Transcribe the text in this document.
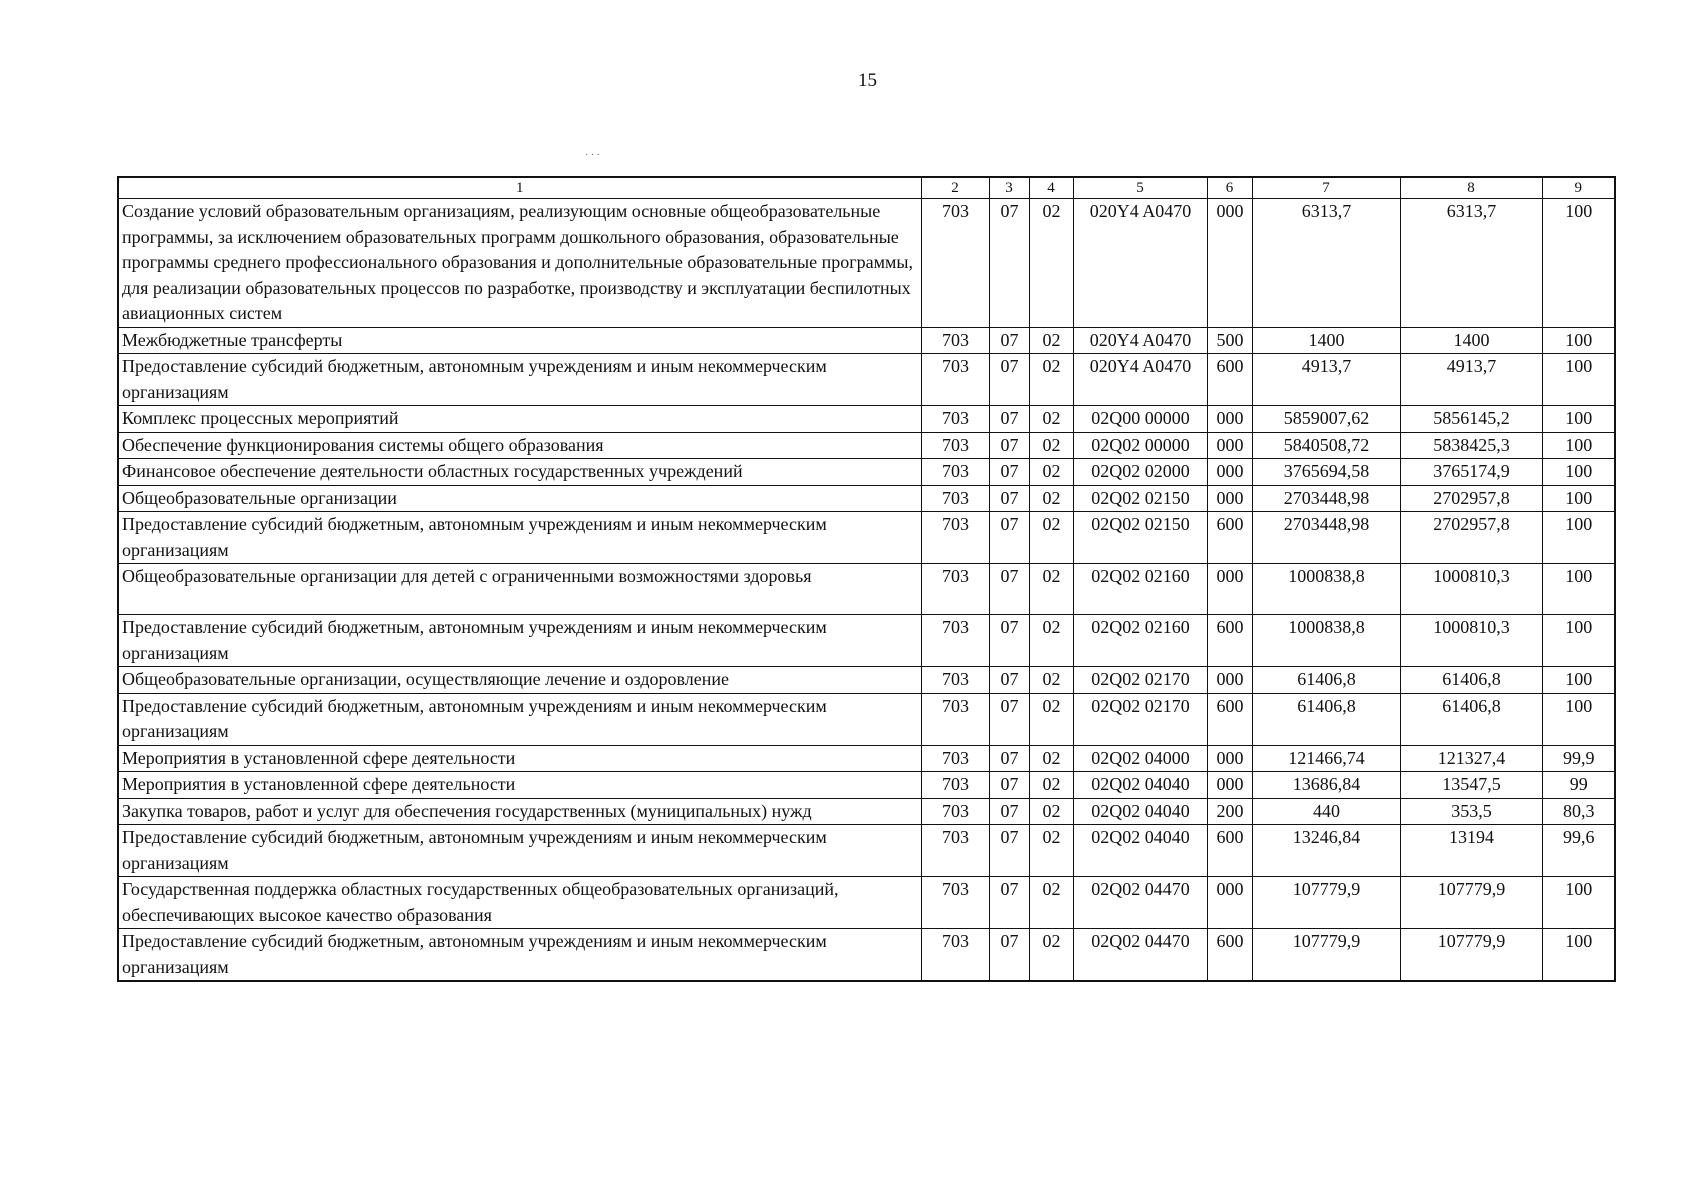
15
· · ·
1	2	3	4	5	6	7	8	9
Создание условий образовательным организациям, реализующим основные общеобразовательные программы, за исключением образовательных программ дошкольного образования, образовательные программы среднего профессионального образования и дополнительные образовательные программы, для реализации образовательных процессов по разработке, производству и эксплуатации беспилотных авиационных систем	703	07	02	020Y4 A0470	000	6313,7	6313,7	100
Межбюджетные трансферты	703	07	02	020Y4 A0470	500	1400	1400	100
Предоставление субсидий бюджетным, автономным учреждениям и иным некоммерческим организациям	703	07	02	020Y4 A0470	600	4913,7	4913,7	100
Комплекс процессных мероприятий	703	07	02	02Q00 00000	000	5859007,62	5856145,2	100
Обеспечение функционирования системы общего образования	703	07	02	02Q02 00000	000	5840508,72	5838425,3	100
Финансовое обеспечение деятельности областных государственных учреждений	703	07	02	02Q02 02000	000	3765694,58	3765174,9	100
Общеобразовательные организации	703	07	02	02Q02 02150	000	2703448,98	2702957,8	100
Предоставление субсидий бюджетным, автономным учреждениям и иным некоммерческим организациям	703	07	02	02Q02 02150	600	2703448,98	2702957,8	100
Общеобразовательные организации для детей с ограниченными возможностями здоровья	703	07	02	02Q02 02160	000	1000838,8	1000810,3	100
Предоставление субсидий бюджетным, автономным учреждениям и иным некоммерческим организациям	703	07	02	02Q02 02160	600	1000838,8	1000810,3	100
Общеобразовательные организации, осуществляющие лечение и оздоровление	703	07	02	02Q02 02170	000	61406,8	61406,8	100
Предоставление субсидий бюджетным, автономным учреждениям и иным некоммерческим организациям	703	07	02	02Q02 02170	600	61406,8	61406,8	100
Мероприятия в установленной сфере деятельности	703	07	02	02Q02 04000	000	121466,74	121327,4	99,9
Мероприятия в установленной сфере деятельности	703	07	02	02Q02 04040	000	13686,84	13547,5	99
Закупка товаров, работ и услуг для обеспечения государственных (муниципальных) нужд	703	07	02	02Q02 04040	200	440	353,5	80,3
Предоставление субсидий бюджетным, автономным учреждениям и иным некоммерческим организациям	703	07	02	02Q02 04040	600	13246,84	13194	99,6
Государственная поддержка областных государственных общеобразовательных организаций, обеспечивающих высокое качество образования	703	07	02	02Q02 04470	000	107779,9	107779,9	100
Предоставление субсидий бюджетным, автономным учреждениям и иным некоммерческим организациям	703	07	02	02Q02 04470	600	107779,9	107779,9	100
